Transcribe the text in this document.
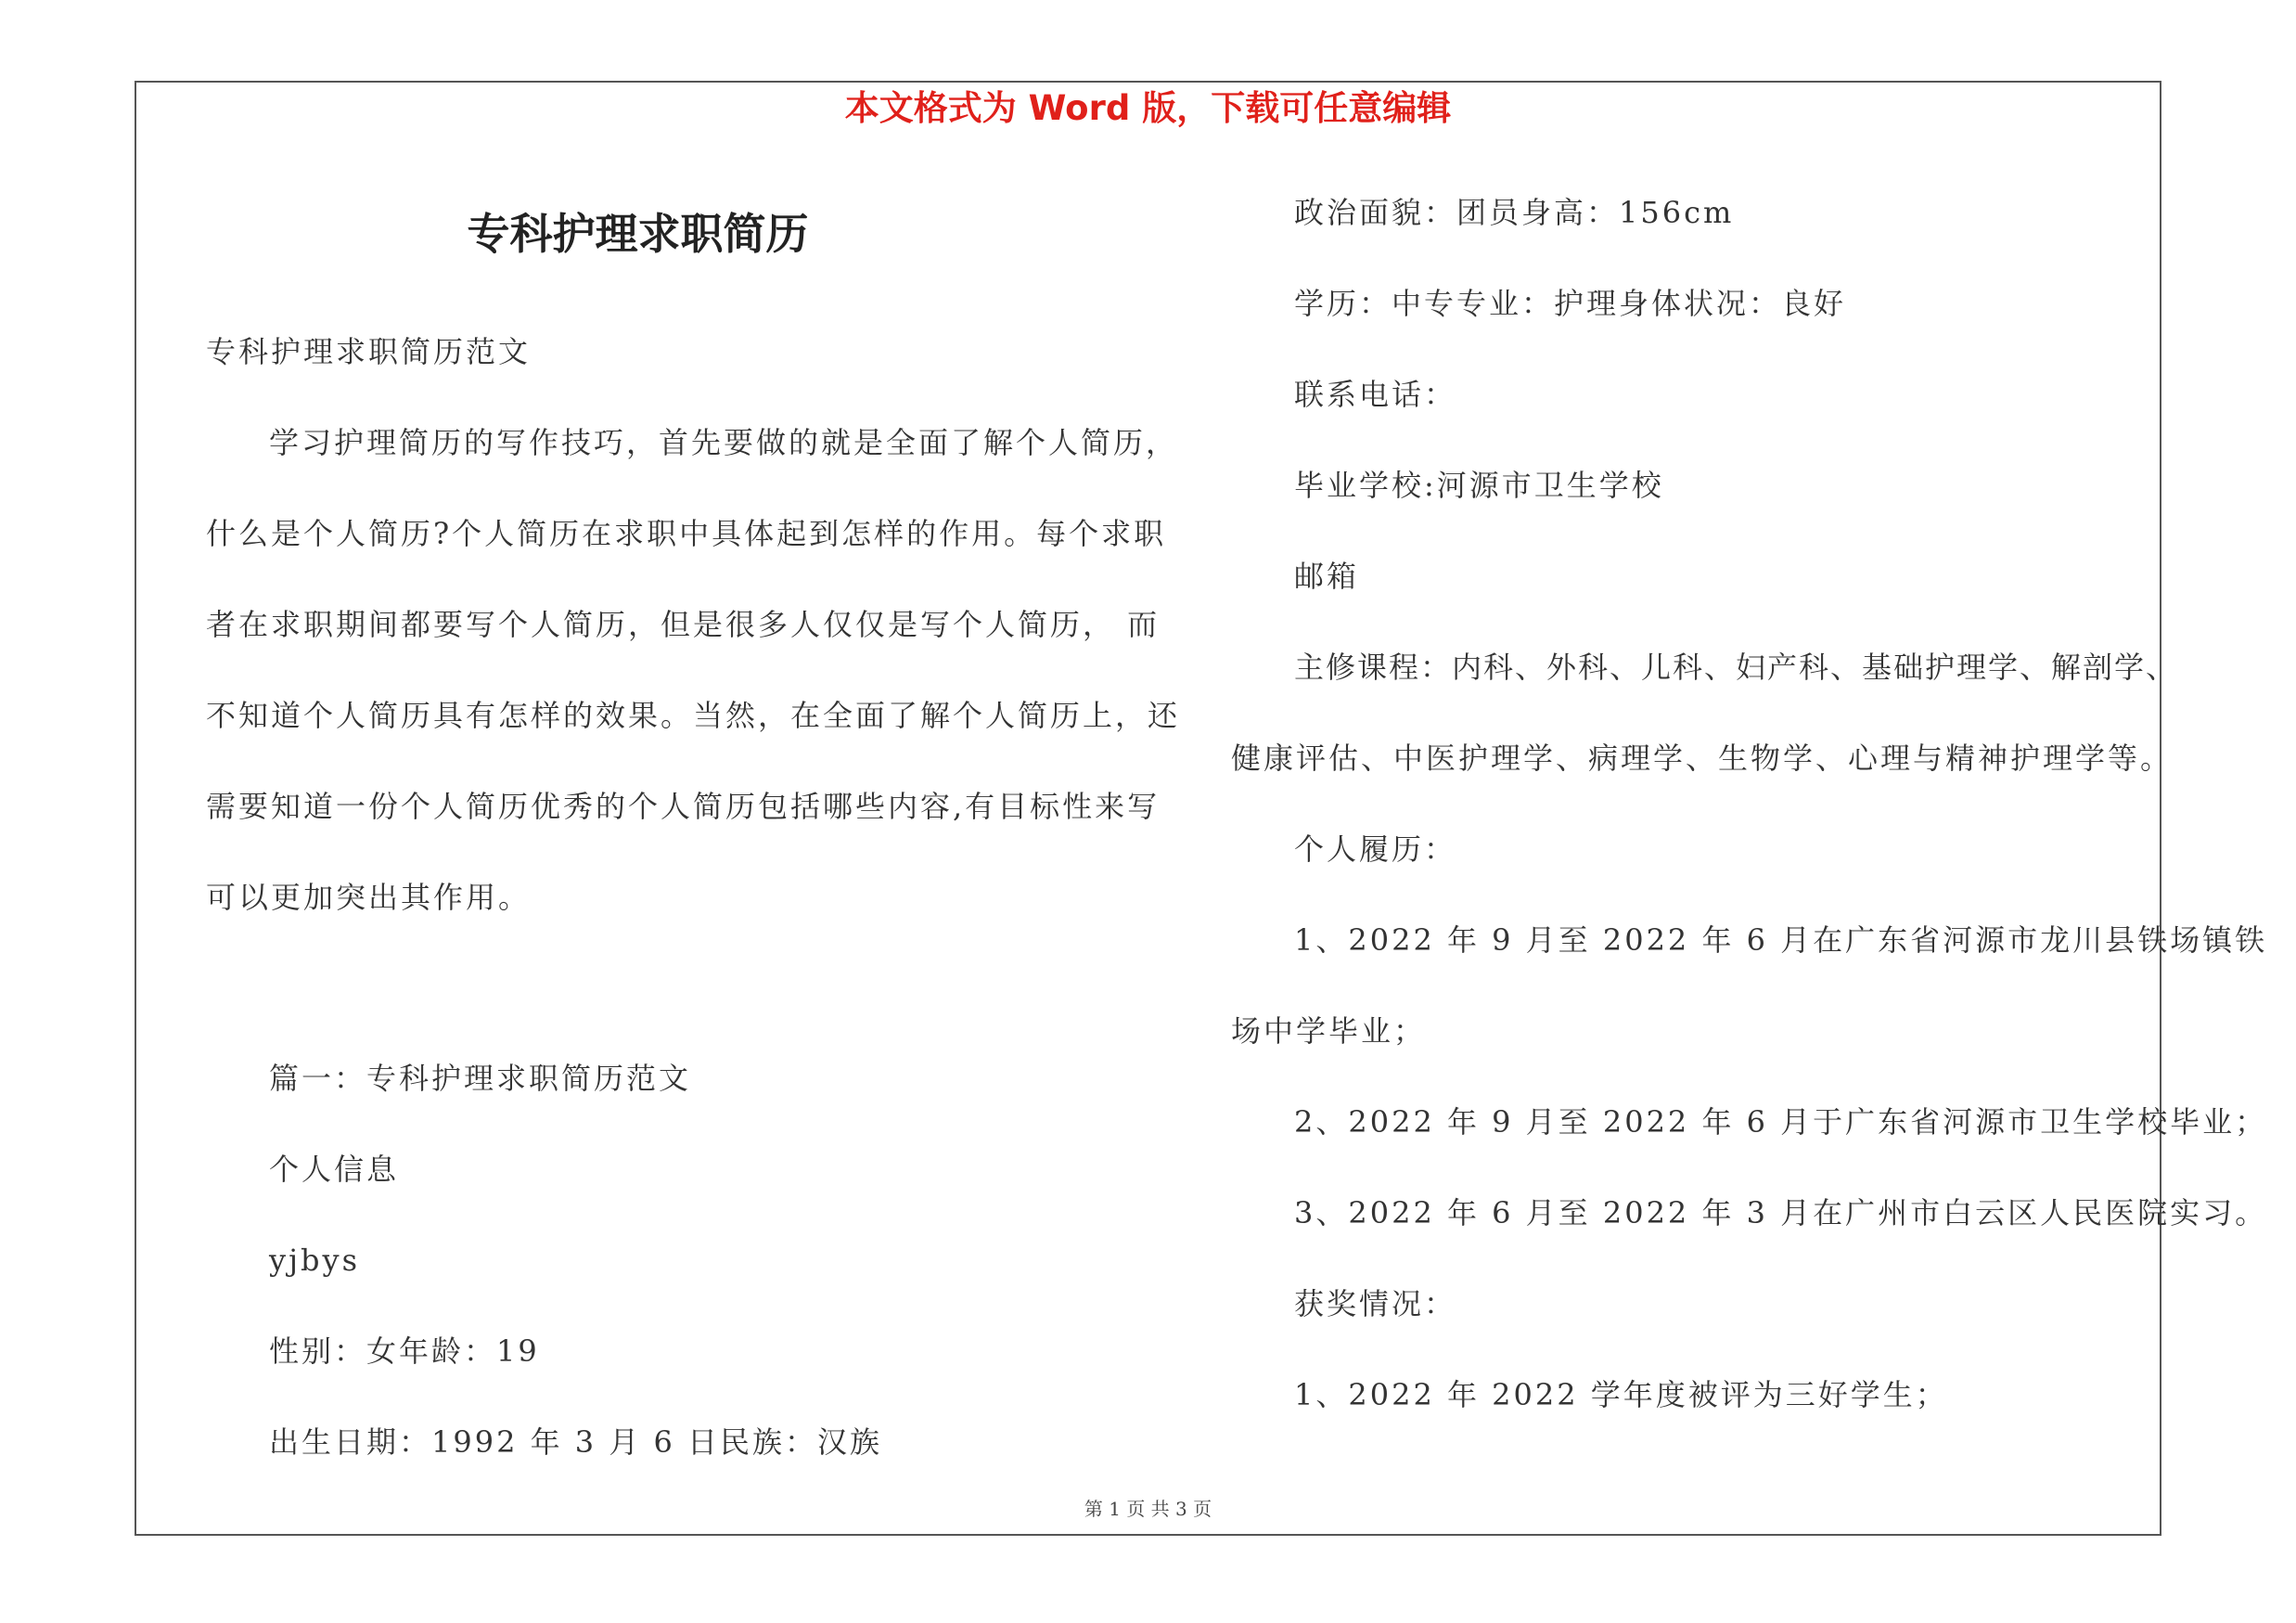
本文格式为 Word 版，下载可任意编辑
专科护理求职简历
专科护理求职简历范文
学习护理简历的写作技巧，首先要做的就是全面了解个人简历，
什么是个人简历?个人简历在求职中具体起到怎样的作用。每个求职
者在求职期间都要写个人简历，但是很多人仅仅是写个人简历， 而
不知道个人简历具有怎样的效果。当然，在全面了解个人简历上，还
需要知道一份个人简历优秀的个人简历包括哪些内容,有目标性来写
可以更加突出其作用。
篇一：专科护理求职简历范文
个人信息
yjbys
性别：女年龄：19
出生日期：1992 年 3 月 6 日民族：汉族
政治面貌：团员身高：156cm
学历：中专专业：护理身体状况：良好
联系电话：
毕业学校:河源市卫生学校
邮箱
主修课程：内科、外科、儿科、妇产科、基础护理学、解剖学、
健康评估、中医护理学、病理学、生物学、心理与精神护理学等。
个人履历：
1、2022 年 9 月至 2022 年 6 月在广东省河源市龙川县铁场镇铁
场中学毕业；
2、2022 年 9 月至 2022 年 6 月于广东省河源市卫生学校毕业；
3、2022 年 6 月至 2022 年 3 月在广州市白云区人民医院实习。
获奖情况：
1、2022 年 2022 学年度被评为三好学生；
第 1 页 共 3 页
